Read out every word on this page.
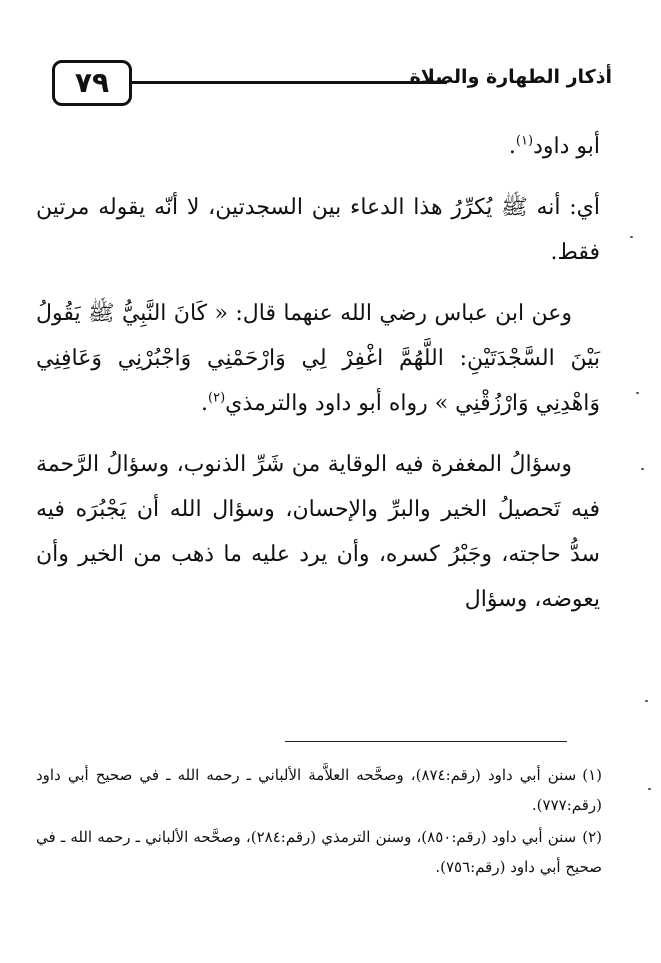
٧٩	أذكار الطهارة والصلاة

أبو داود$^{(١)}$.

أي: أنه ﷺ يُكرِّرُ هذا الدعاء بين السجدتين، لا أنّه يقوله مرتين فقط.

وعن ابن عباس رضي الله عنهما قال: « كَانَ النَّبِيُّ ﷺ يَقُولُ بَيْنَ السَّجْدَتَيْنِ: اللَّهُمَّ اغْفِرْ لِي وَارْحَمْنِي وَاجْبُرْنِي وَعَافِنِي وَاهْدِنِي وَارْزُقْنِي » رواه أبو داود والترمذي$^{(٢)}$.

وسؤالُ المغفرة فيه الوقاية من شَرِّ الذنوب، وسؤالُ الرَّحمة فيه تَحصيلُ الخير والبرِّ والإحسان، وسؤال الله أن يَجْبُرَه فيه سدُّ حاجته، وجَبْرُ كسره، وأن يرد عليه ما ذهب من الخير وأن يعوضه، وسؤال

(١)سنن أبي داود (رقم:٨٧٤)، وصحَّحه العلاَّمة الألباني ـ رحمه الله ـ في صحيح أبي داود (رقم:٧٧٧).

(٢)سنن أبي داود (رقم:٨٥٠)، وسنن الترمذي (رقم:٢٨٤)، وصحَّحه الألباني ـ رحمه الله ـ في صحيح أبي داود (رقم:٧٥٦).
